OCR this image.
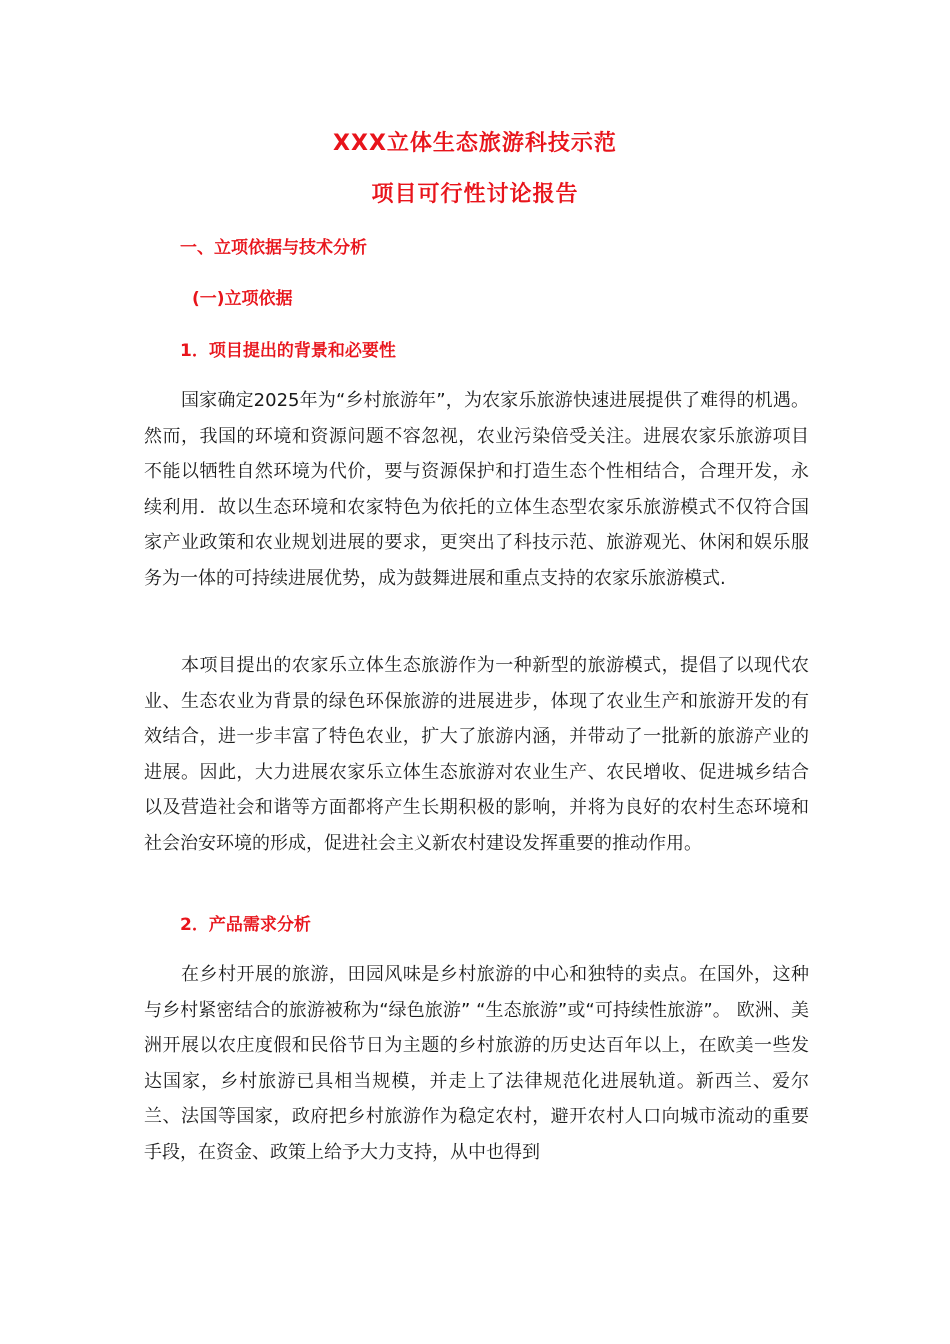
XXX立体生态旅游科技示范
项目可行性讨论报告
一、立项依据与技术分析
(一)立项依据
1．项目提出的背景和必要性

国家确定2025年为“乡村旅游年”，为农家乐旅游快速进展提供了难得的机遇。然而，我国的环境和资源问题不容忽视，农业污染倍受关注。进展农家乐旅游项目不能以牺牲自然环境为代价，要与资源保护和打造生态个性相结合，合理开发，永续利用．故以生态环境和农家特色为依托的立体生态型农家乐旅游模式不仅符合国家产业政策和农业规划进展的要求，更突出了科技示范、旅游观光、休闲和娱乐服务为一体的可持续进展优势，成为鼓舞进展和重点支持的农家乐旅游模式.

本项目提出的农家乐立体生态旅游作为一种新型的旅游模式，提倡了以现代农业、生态农业为背景的绿色环保旅游的进展进步，体现了农业生产和旅游开发的有效结合，进一步丰富了特色农业，扩大了旅游内涵，并带动了一批新的旅游产业的进展。因此，大力进展农家乐立体生态旅游对农业生产、农民增收、促进城乡结合以及营造社会和谐等方面都将产生长期积极的影响，并将为良好的农村生态环境和社会治安环境的形成，促进社会主义新农村建设发挥重要的推动作用。

2．产品需求分析

在乡村开展的旅游，田园风味是乡村旅游的中心和独特的卖点。在国外，这种与乡村紧密结合的旅游被称为“绿色旅游” “生态旅游”或“可持续性旅游”。 欧洲、美洲开展以农庄度假和民俗节日为主题的乡村旅游的历史达百年以上，在欧美一些发达国家，乡村旅游已具相当规模，并走上了法律规范化进展轨道。新西兰、爱尔兰、法国等国家，政府把乡村旅游作为稳定农村，避开农村人口向城市流动的重要手段，在资金、政策上给予大力支持，从中也得到
